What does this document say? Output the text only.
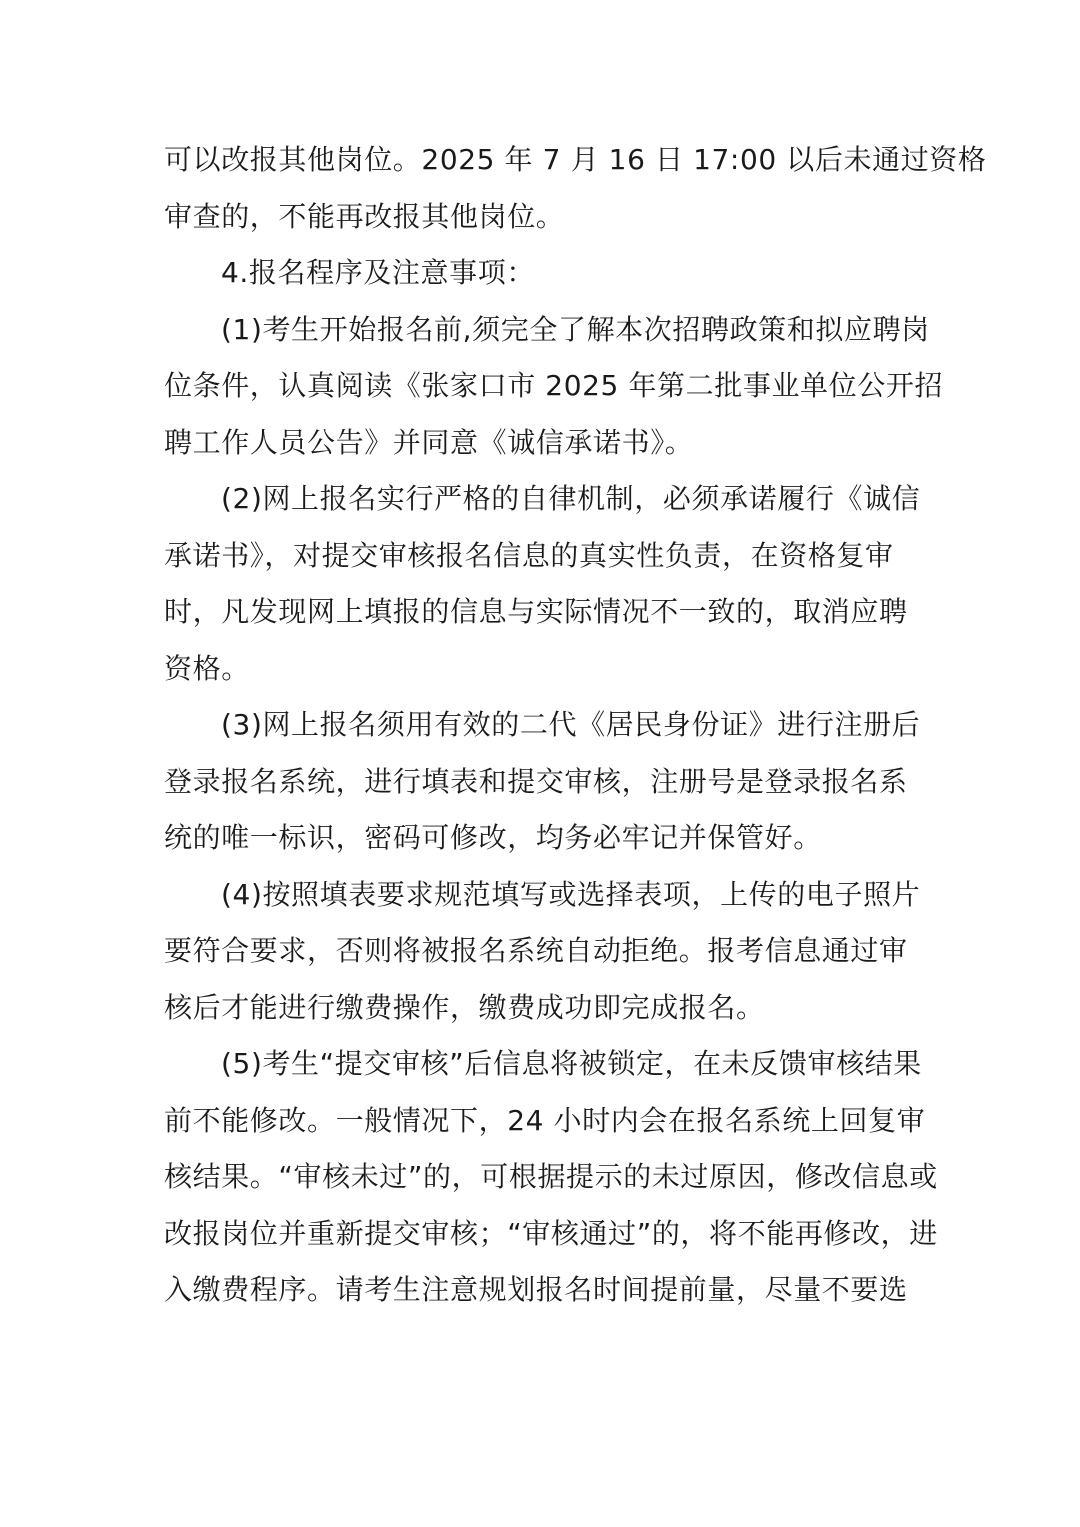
可以改报其他岗位。2025 年 7 月 16 日 17:00 以后未通过资格
审查的，不能再改报其他岗位。
4.报名程序及注意事项：
(1)考生开始报名前,须完全了解本次招聘政策和拟应聘岗
位条件，认真阅读《张家口市 2025 年第二批事业单位公开招
聘工作人员公告》并同意《诚信承诺书》。
(2)网上报名实行严格的自律机制，必须承诺履行《诚信
承诺书》，对提交审核报名信息的真实性负责，在资格复审
时，凡发现网上填报的信息与实际情况不一致的，取消应聘
资格。
(3)网上报名须用有效的二代《居民身份证》进行注册后
登录报名系统，进行填表和提交审核，注册号是登录报名系
统的唯一标识，密码可修改，均务必牢记并保管好。
(4)按照填表要求规范填写或选择表项，上传的电子照片
要符合要求，否则将被报名系统自动拒绝。报考信息通过审
核后才能进行缴费操作，缴费成功即完成报名。
(5)考生“提交审核”后信息将被锁定，在未反馈审核结果
前不能修改。一般情况下，24 小时内会在报名系统上回复审
核结果。“审核未过”的，可根据提示的未过原因，修改信息或
改报岗位并重新提交审核；“审核通过”的，将不能再修改，进
入缴费程序。请考生注意规划报名时间提前量，尽量不要选
